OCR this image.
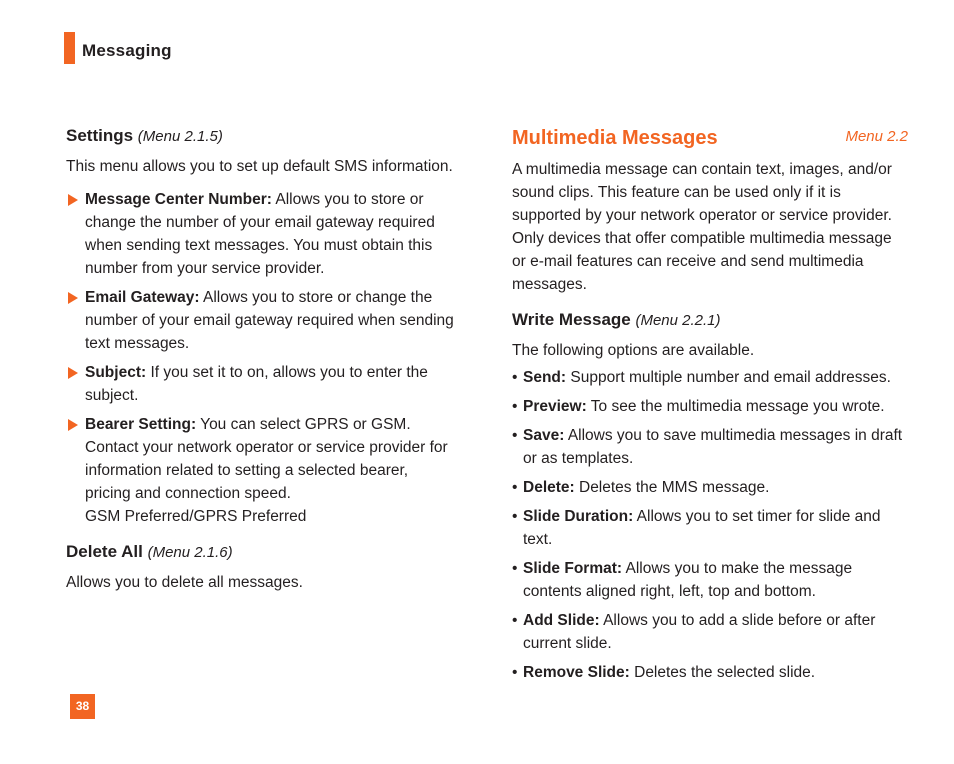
Messaging
Settings (Menu 2.1.5)

This menu allows you to set up default SMS information.

Message Center Number: Allows you to store or change the number of your email gateway required when sending text messages. You must obtain this number from your service provider.
Email Gateway: Allows you to store or change the number of your email gateway required when sending text messages.
Subject: If you set it to on, allows you to enter the subject.
Bearer Setting: You can select GPRS or GSM. Contact your network operator or service provider for information related to setting a selected bearer, pricing and connection speed.
GSM Preferred/GPRS Preferred
Delete All (Menu 2.1.6)

Allows you to delete all messages.

Multimedia Messages	Menu 2.2

A multimedia message can contain text, images, and/or sound clips. This feature can be used only if it is supported by your network operator or service provider. Only devices that offer compatible multimedia message or e-mail features can receive and send multimedia messages.

Write Message (Menu 2.2.1)

The following options are available.

• Send: Support multiple number and email addresses.
• Preview: To see the multimedia message you wrote.
• Save: Allows you to save multimedia messages in draft or as templates.
• Delete: Deletes the MMS message.
• Slide Duration: Allows you to set timer for slide and text.
• Slide Format: Allows you to make the message contents aligned right, left, top and bottom.
• Add Slide: Allows you to add a slide before or after current slide.
• Remove Slide: Deletes the selected slide.
38
